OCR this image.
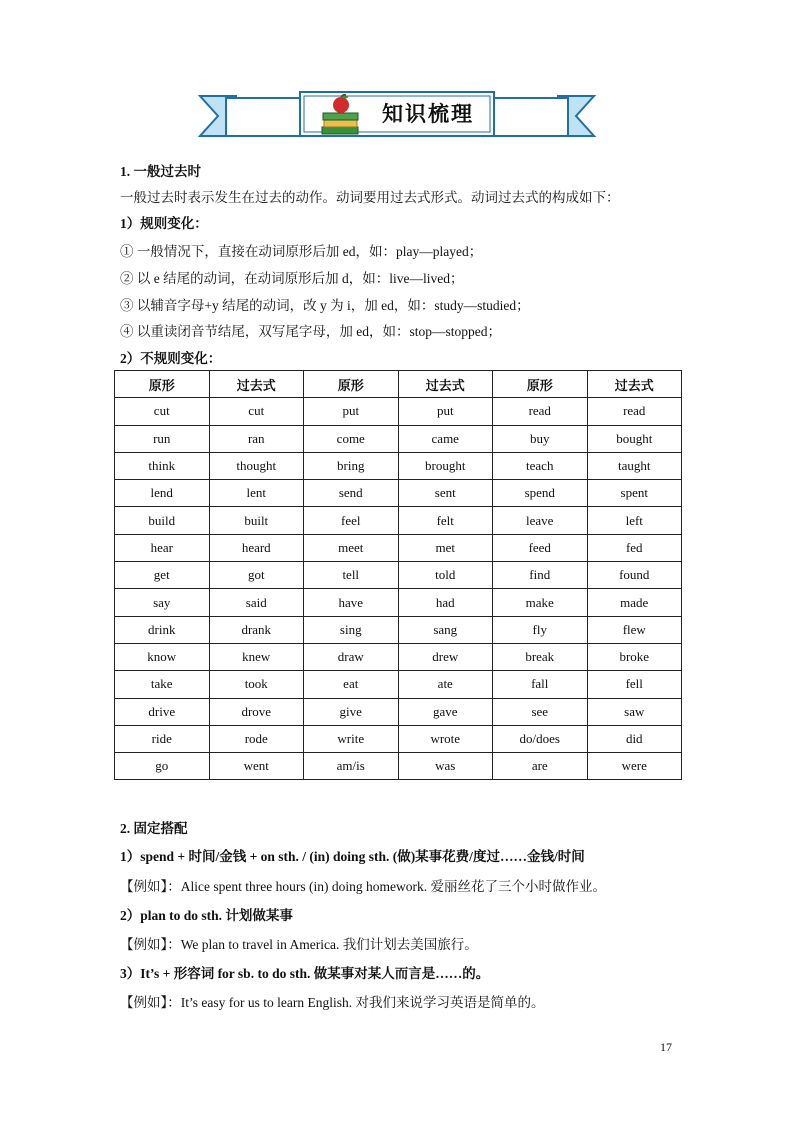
知识梳理
1. 一般过去时
一般过去时表示发生在过去的动作。动词要用过去式形式。动词过去式的构成如下：
1）规则变化：
① 一般情况下，直接在动词原形后加 ed，如：play—played；
② 以 e 结尾的动词，在动词原形后加 d，如：live—lived；
③ 以辅音字母+y 结尾的动词，改 y 为 i，加 ed，如：study—studied；
④ 以重读闭音节结尾，双写尾字母，加 ed，如：stop—stopped；
2）不规则变化：
原形	过去式	原形	过去式	原形	过去式
cut	cut	put	put	read	read
run	ran	come	came	buy	bought
think	thought	bring	brought	teach	taught
lend	lent	send	sent	spend	spent
build	built	feel	felt	leave	left
hear	heard	meet	met	feed	fed
get	got	tell	told	find	found
say	said	have	had	make	made
drink	drank	sing	sang	fly	flew
know	knew	draw	drew	break	broke
take	took	eat	ate	fall	fell
drive	drove	give	gave	see	saw
ride	rode	write	wrote	do/does	did
go	went	am/is	was	are	were
2. 固定搭配
1）spend + 时间/金钱 + on sth. / (in) doing sth. (做)某事花费/度过……金钱/时间
【例如】：Alice spent three hours (in) doing homework. 爱丽丝花了三个小时做作业。
2）plan to do sth. 计划做某事
【例如】：We plan to travel in America. 我们计划去美国旅行。
3）It’s + 形容词 for sb. to do sth. 做某事对某人而言是……的。
【例如】：It’s easy for us to learn English. 对我们来说学习英语是简单的。
17
